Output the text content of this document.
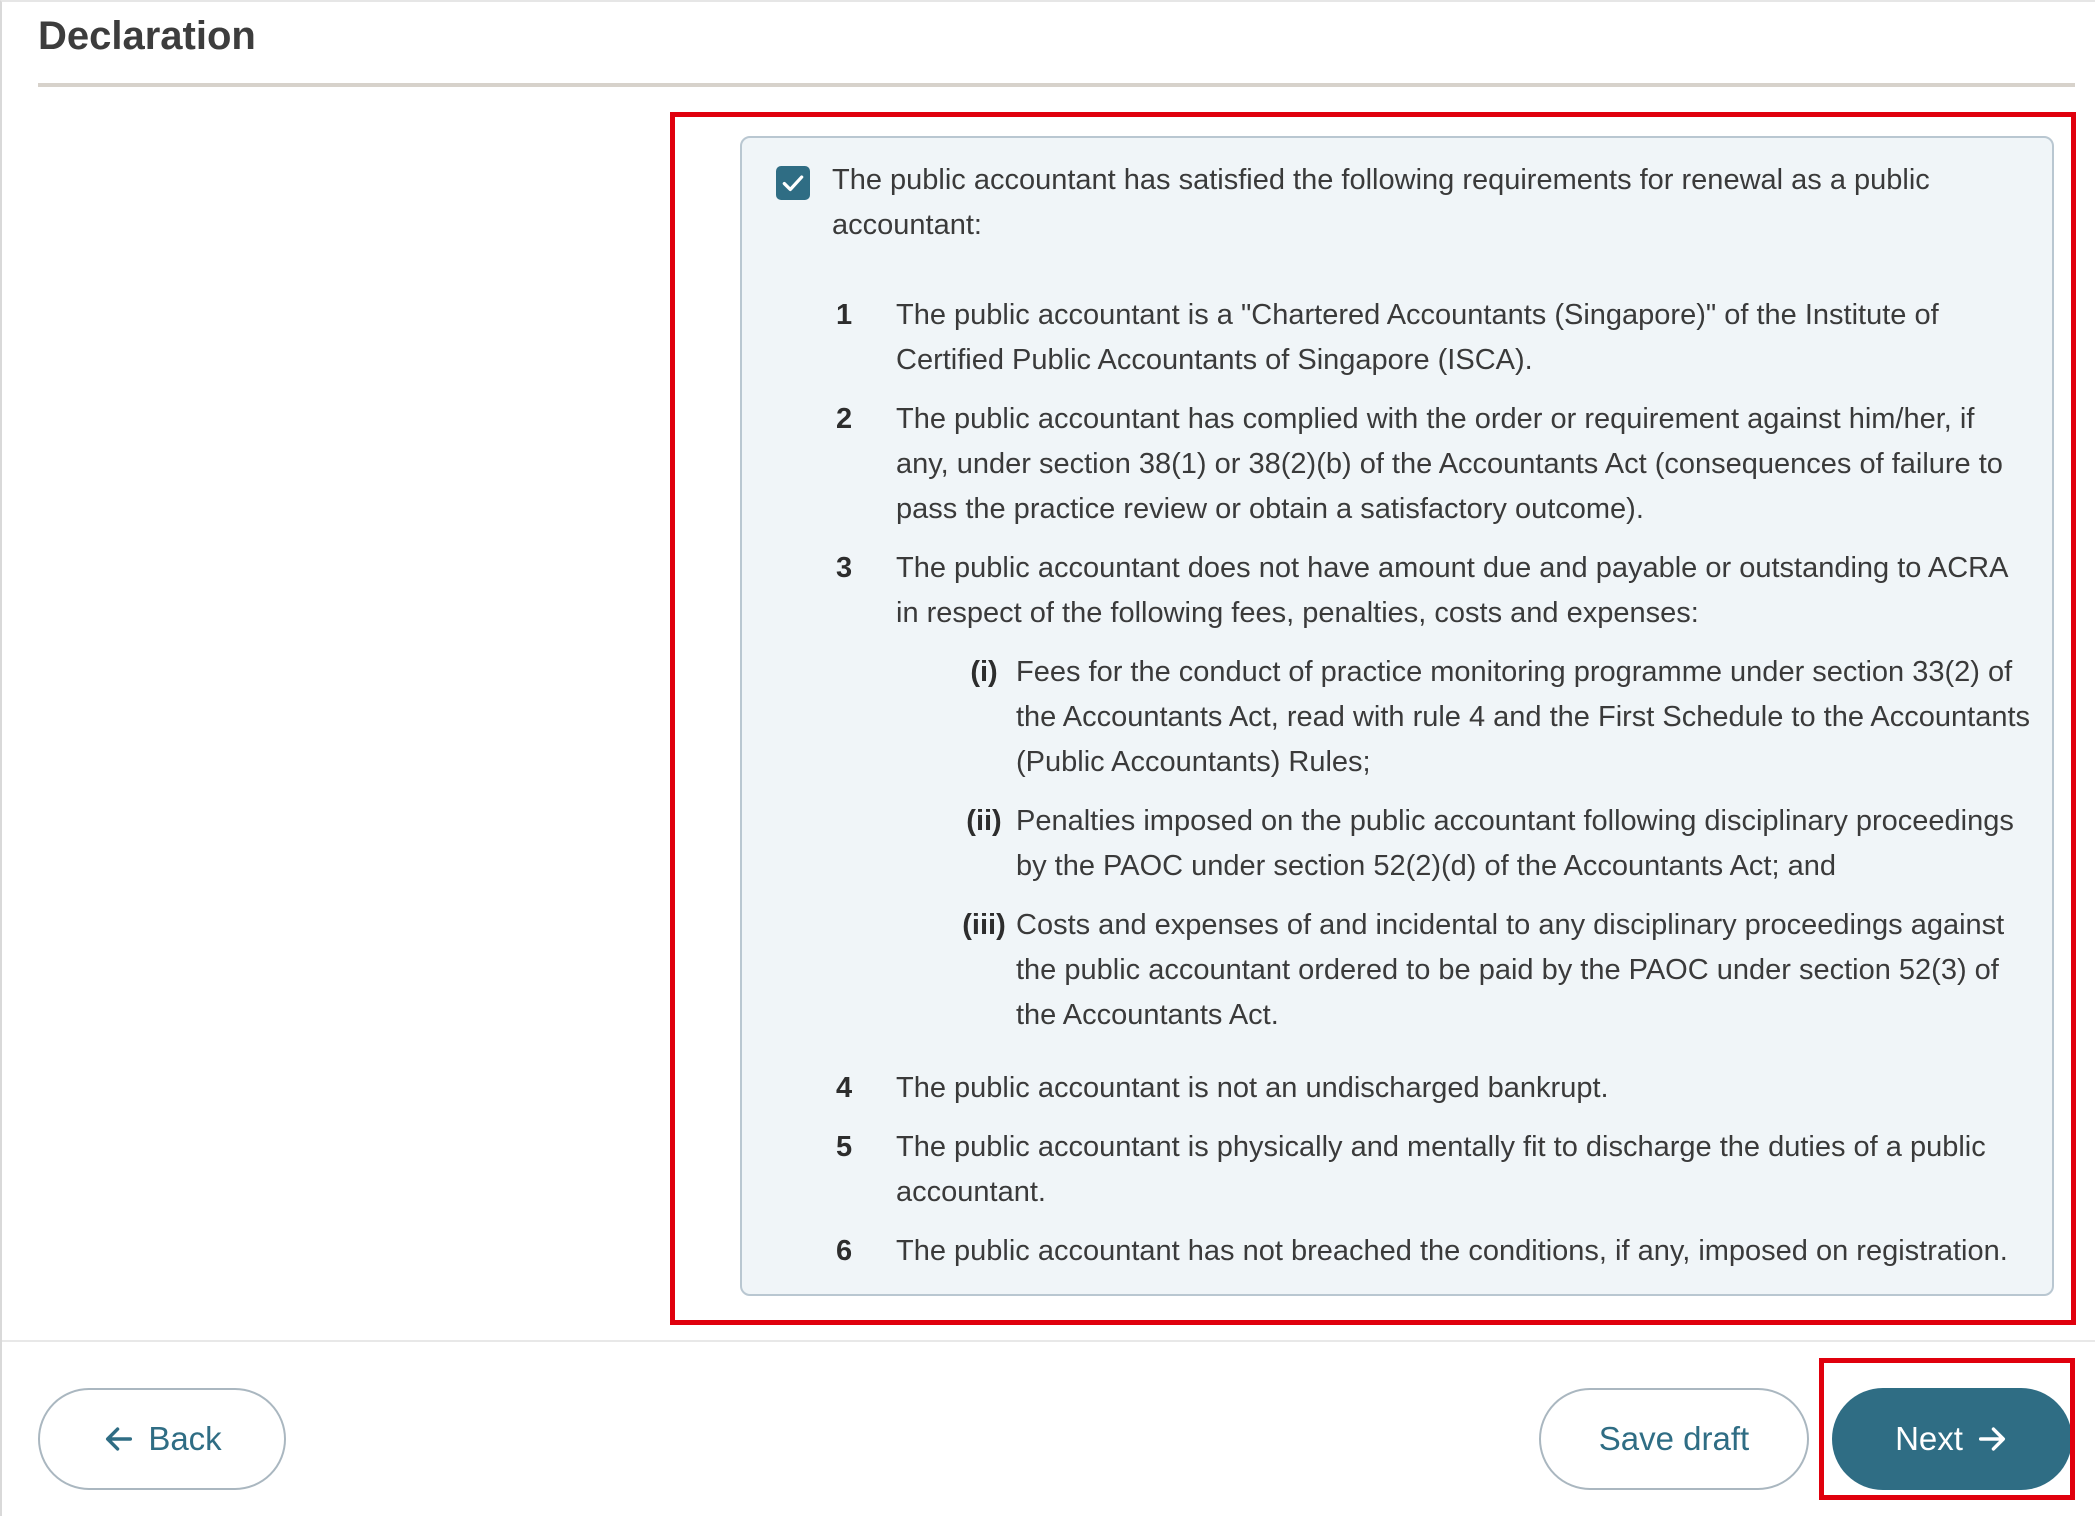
Declaration
The public accountant has satisfied the following requirements for renewal as a public accountant:
1	The public accountant is a "Chartered Accountants (Singapore)" of the Institute of Certified Public Accountants of Singapore (ISCA).
2	The public accountant has complied with the order or requirement against him/her, if any, under section 38(1) or 38(2)(b) of the Accountants Act (consequences of failure to pass the practice review or obtain a satisfactory outcome).
3	The public accountant does not have amount due and payable or outstanding to ACRA in respect of the following fees, penalties, costs and expenses:
(i) Fees for the conduct of practice monitoring programme under section 33(2) of the Accountants Act, read with rule 4 and the First Schedule to the Accountants (Public Accountants) Rules;
(ii) Penalties imposed on the public accountant following disciplinary proceedings by the PAOC under section 52(2)(d) of the Accountants Act; and
(iii) Costs and expenses of and incidental to any disciplinary proceedings against the public accountant ordered to be paid by the PAOC under section 52(3) of the Accountants Act.
4	The public accountant is not an undischarged bankrupt.
5	The public accountant is physically and mentally fit to discharge the duties of a public accountant.
6	The public accountant has not breached the conditions, if any, imposed on registration.
Back	Save draft	Next
